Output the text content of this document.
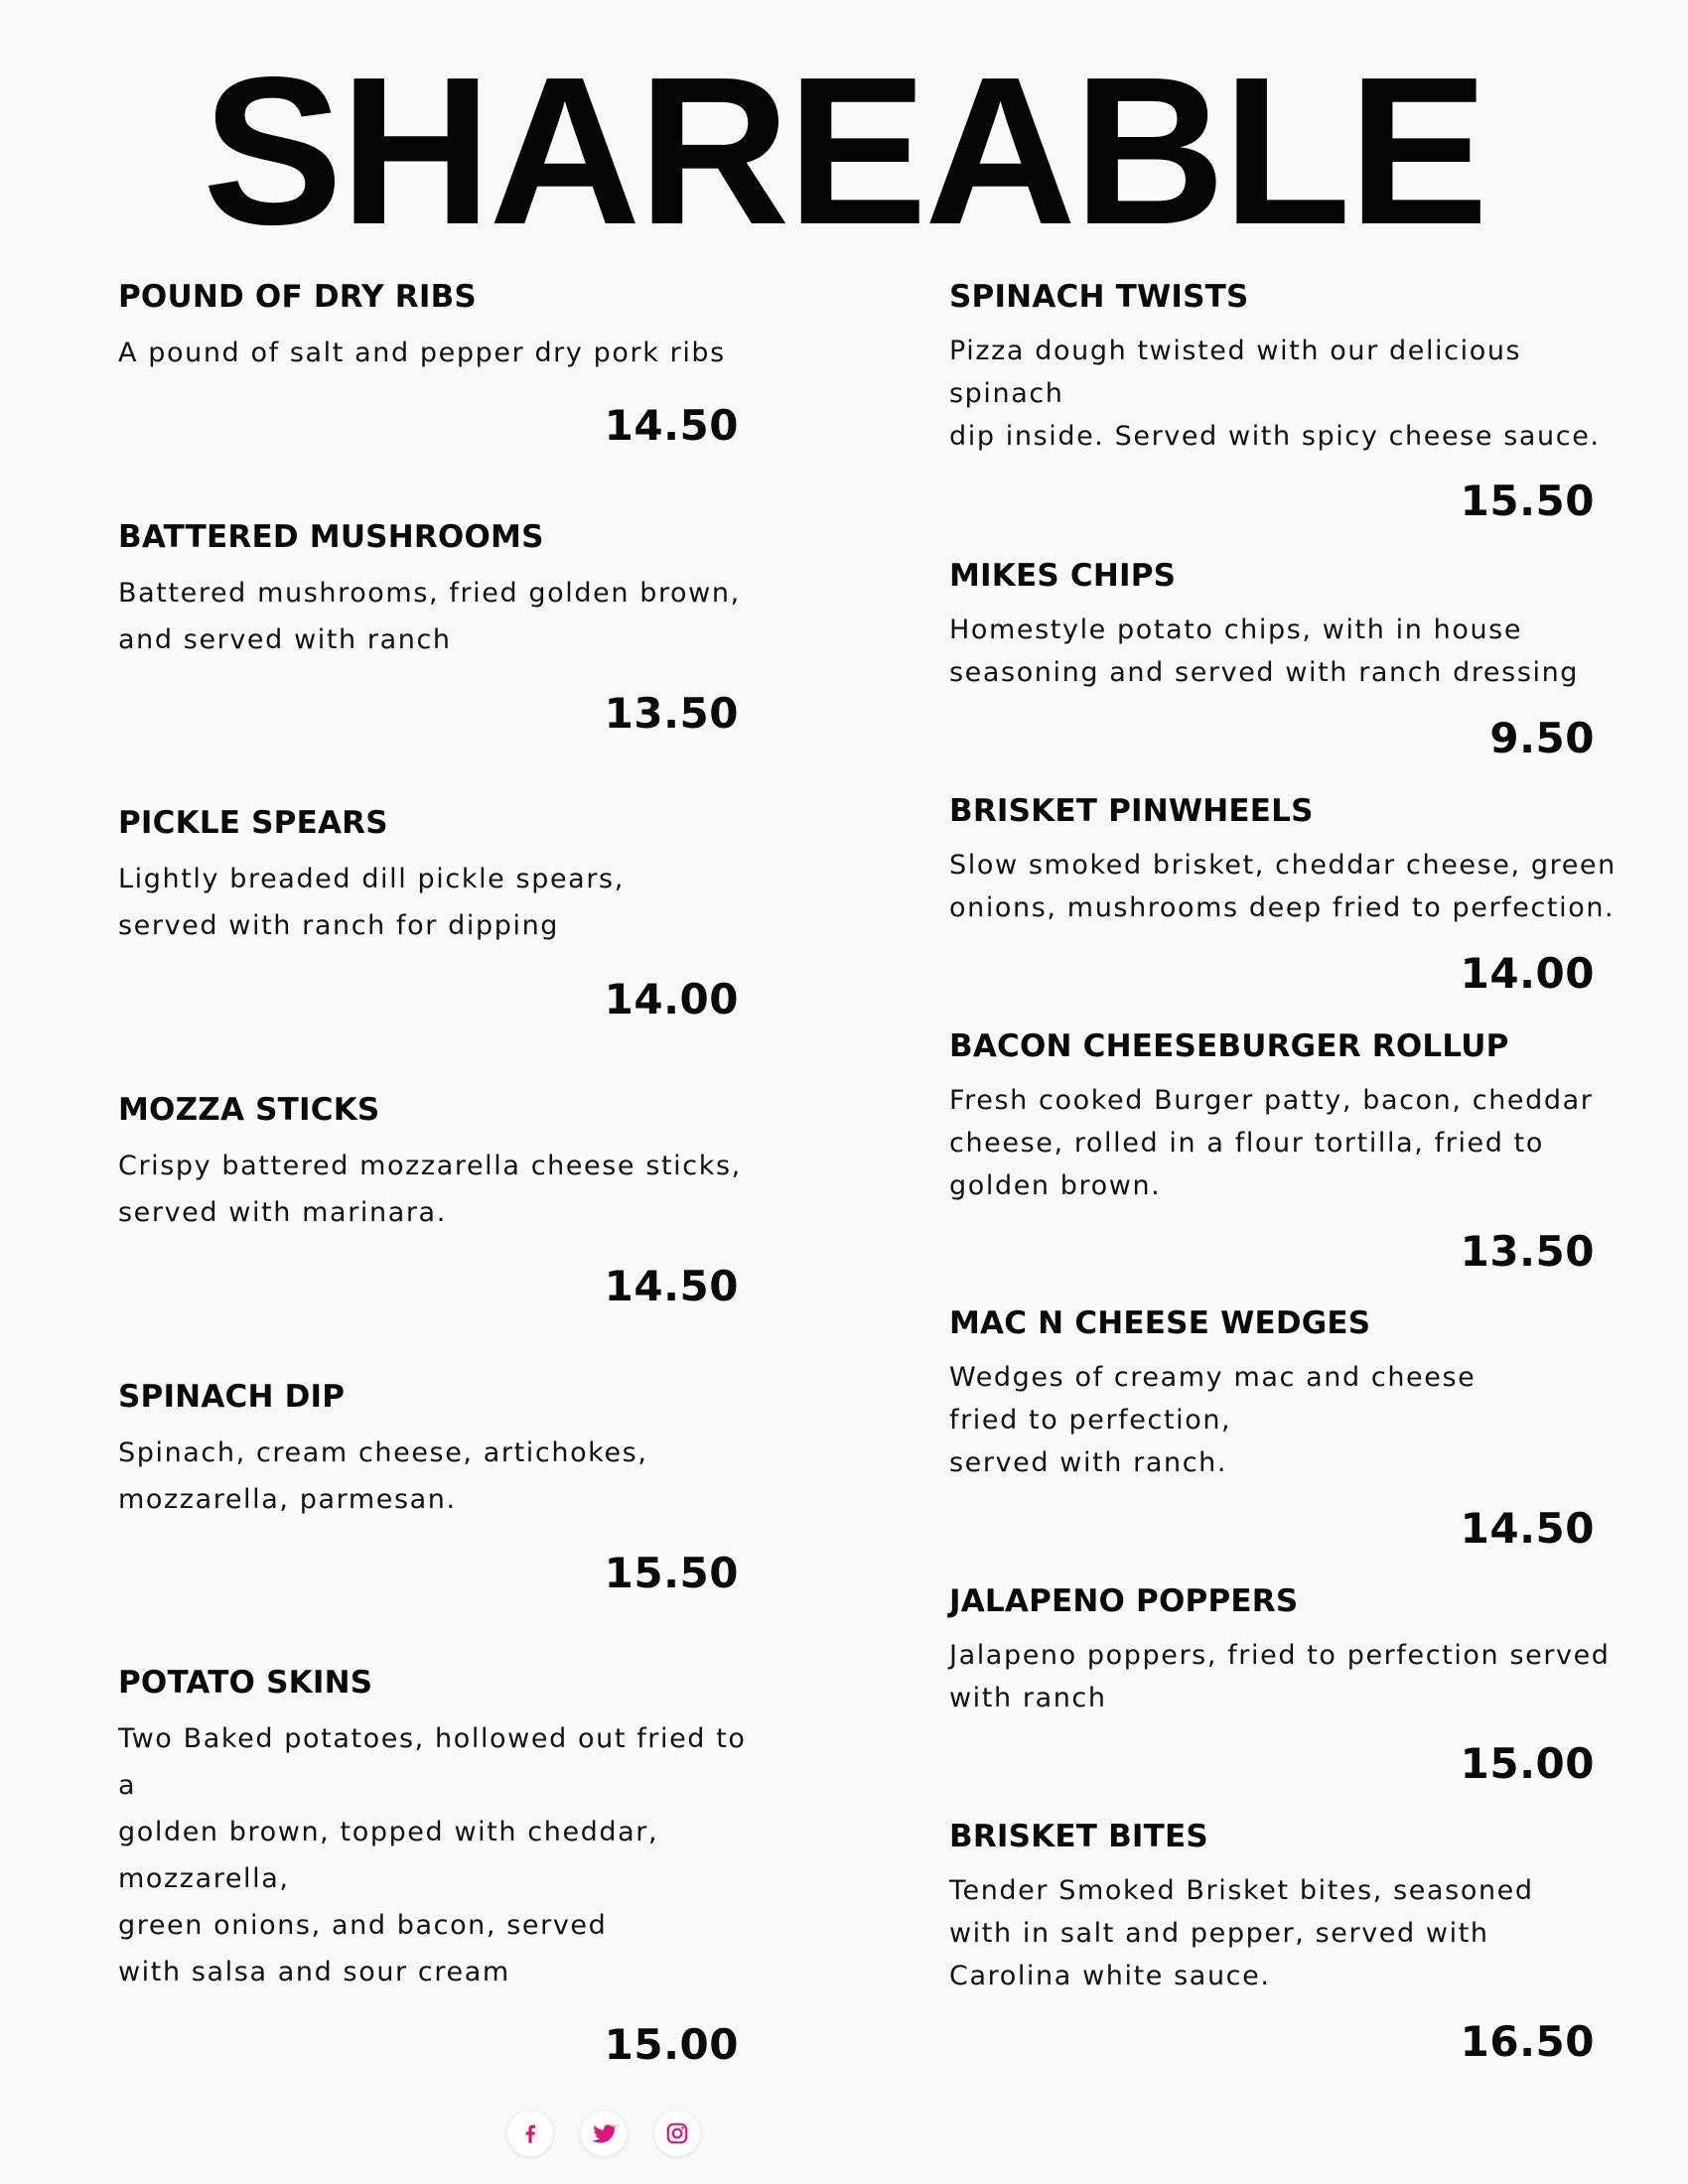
SHAREABLE
POUND OF DRY RIBS

A pound of salt and pepper dry pork ribs

14.50
BATTERED MUSHROOMS

Battered mushrooms, fried golden brown,
and served with ranch

13.50
PICKLE SPEARS

Lightly breaded dill pickle spears,
served with ranch for dipping

14.00
MOZZA STICKS

Crispy battered mozzarella cheese sticks,
served with marinara.

14.50
SPINACH DIP

Spinach, cream cheese, artichokes,
mozzarella, parmesan.

15.50
POTATO SKINS

Two Baked potatoes, hollowed out fried to
a
golden brown, topped with cheddar,
mozzarella,
green onions, and bacon, served
with salsa and sour cream

15.00
SPINACH TWISTS

Pizza dough twisted with our delicious
spinach
dip inside. Served with spicy cheese sauce.

15.50
MIKES CHIPS

Homestyle potato chips, with in house
seasoning and served with ranch dressing

9.50
BRISKET PINWHEELS

Slow smoked brisket, cheddar cheese, green
onions, mushrooms deep fried to perfection.

14.00
BACON CHEESEBURGER ROLLUP

Fresh cooked Burger patty, bacon, cheddar
cheese, rolled in a flour tortilla, fried to
golden brown.

13.50
MAC N CHEESE WEDGES

Wedges of creamy mac and cheese
fried to perfection,
served with ranch.

14.50
JALAPENO POPPERS

Jalapeno poppers, fried to perfection served
with ranch

15.00
BRISKET BITES

Tender Smoked Brisket bites, seasoned
with in salt and pepper, served with
Carolina white sauce.

16.50
